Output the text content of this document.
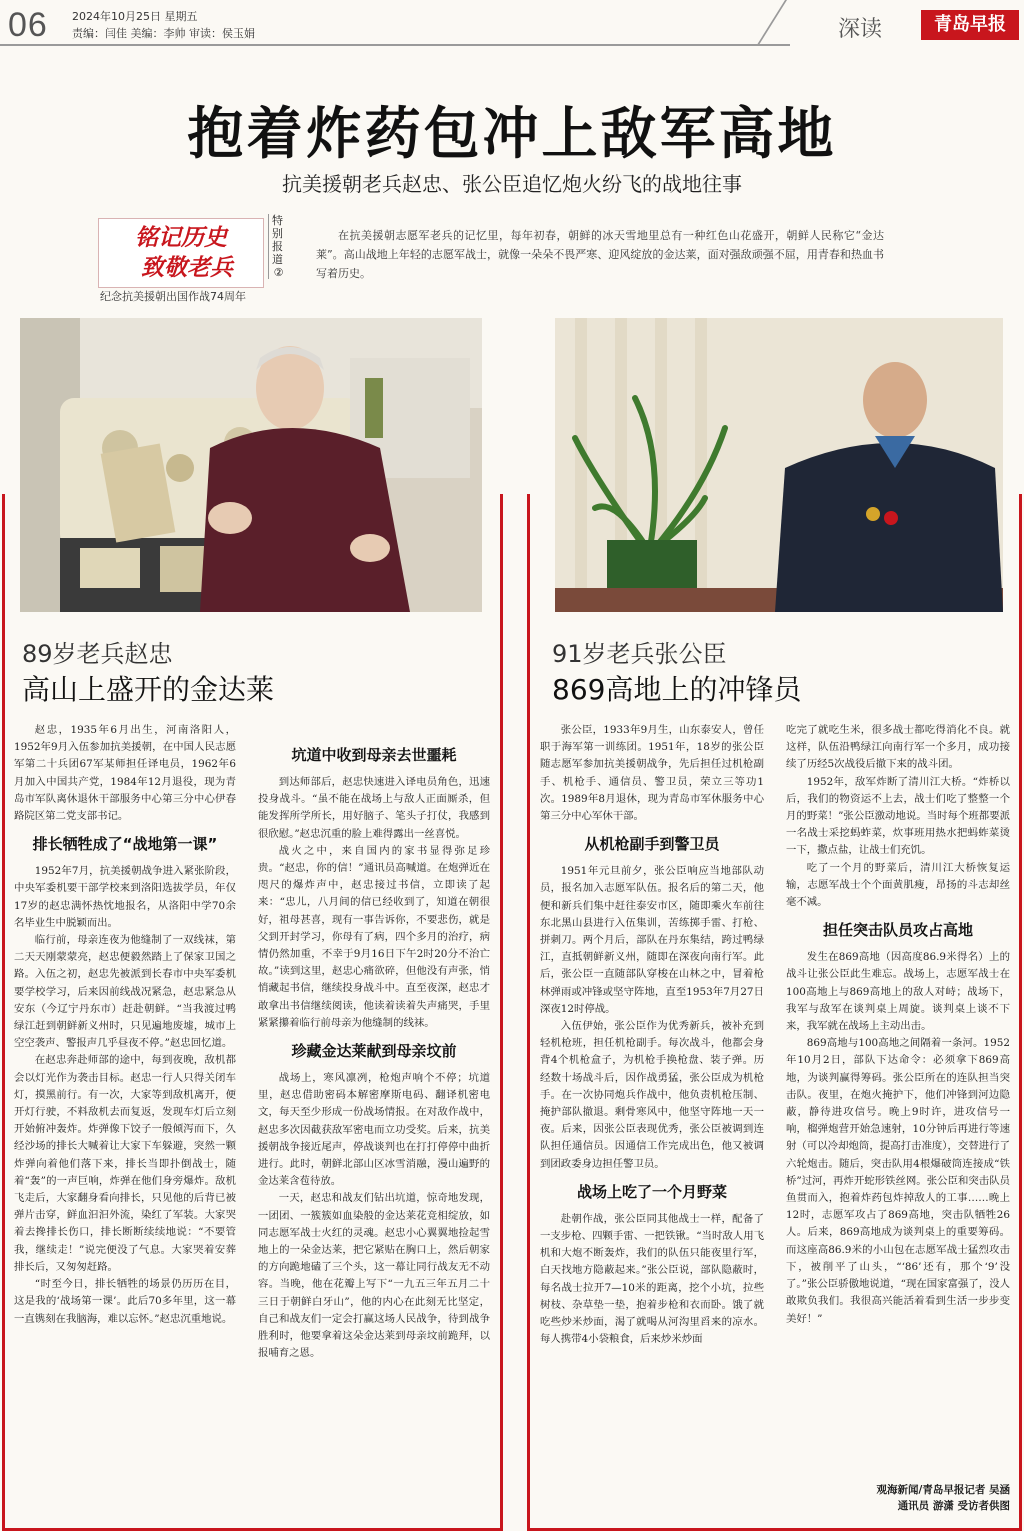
06 2024年10月25日 星期五
责编：闫佳 美编：李帅 审读：侯玉娟	深读	青岛早报
抱着炸药包冲上敌军高地
抗美援朝老兵赵忠、张公臣追忆炮火纷飞的战地往事
铭记历史
致敬老兵
特别报道
②
纪念抗美援朝出国作战74周年
在抗美援朝志愿军老兵的记忆里，每年初春，朝鲜的冰天雪地里总有一种红色山花盛开，朝鲜人民称它“金达莱”。高山战地上年轻的志愿军战士，就像一朵朵不畏严寒、迎风绽放的金达莱，面对强敌顽强不屈，用青春和热血书写着历史。
89岁老兵赵忠
高山上盛开的金达莱

赵忠，1935年6月出生，河南洛阳人，1952年9月入伍参加抗美援朝，在中国人民志愿军第二十兵团67军某师担任译电员，1962年6月加入中国共产党，1984年12月退役，现为青岛市军队离休退休干部服务中心第三分中心伊春路院区第二党支部书记。

排长牺牲成了“战地第一课”

1952年7月，抗美援朝战争进入紧张阶段，中央军委机要干部学校来到洛阳选拔学员，年仅17岁的赵忠满怀热忱地报名，从洛阳中学70余名毕业生中脱颖而出。

临行前，母亲连夜为他缝制了一双线袜，第二天天刚蒙蒙亮，赵忠便毅然踏上了保家卫国之路。入伍之初，赵忠先被派到长春市中央军委机要学校学习，后来因前线战况紧急，赵忠紧急从安东（今辽宁丹东市）赶赴朝鲜。“当我渡过鸭绿江赶到朝鲜新义州时，只见遍地废墟，城市上空空袭声、警报声几乎昼夜不停。”赵忠回忆道。

在赵忠奔赴师部的途中，每到夜晚，敌机都会以灯光作为袭击目标。赵忠一行人只得关闭车灯，摸黑前行。有一次，大家等到敌机离开，便开灯行驶，不料敌机去而复返，发现车灯后立刻开始俯冲轰炸。炸弹像下饺子一般倾泻而下，久经沙场的排长大喊着让大家下车躲避，突然一颗炸弹向着他们落下来，排长当即扑倒战士，随着“轰”的一声巨响，炸弹在他们身旁爆炸。敌机飞走后，大家翻身看向排长，只见他的后背已被弹片击穿，鲜血汩汩外流，染红了军装。大家哭着去搀排长伤口，排长断断续续地说：“不要管我，继续走！”说完便没了气息。大家哭着安葬排长后，又匆匆赶路。

“时至今日，排长牺牲的场景仍历历在目，这是我的‘战场第一课’。此后70多年里，这一幕一直镌刻在我脑海，难以忘怀。”赵忠沉重地说。

坑道中收到母亲去世噩耗

到达师部后，赵忠快速进入译电员角色，迅速投身战斗。“虽不能在战场上与敌人正面厮杀，但能发挥所学所长，用好脑子、笔头子打仗，我感到很欣慰。”赵忠沉重的脸上难得露出一丝喜悦。

战火之中，来自国内的家书显得弥足珍贵。“赵忠，你的信！”通讯员高喊道。在炮弹近在咫尺的爆炸声中，赵忠接过书信，立即读了起来：“忠儿，八月间的信已经收到了，知道在朝很好，祖母甚喜，现有一事告诉你，不要悲伤，就是父到开封学习，你母有了病，四个多月的治疗，病情仍然加重，不幸于9月16日下午2时20分不治亡故。”读到这里，赵忠心痛欲碎，但他没有声张，悄悄藏起书信，继续投身战斗中。直至夜深，赵忠才敢拿出书信继续阅读，他读着读着失声痛哭，手里紧紧攥着临行前母亲为他缝制的线袜。

珍藏金达莱献到母亲坟前

战场上，寒风凛冽，枪炮声响个不停；坑道里，赵忠借助密码本解密摩斯电码、翻译机密电文，每天至少形成一份战场情报。在对敌作战中，赵忠多次因截获敌军密电而立功受奖。后来，抗美援朝战争接近尾声，停战谈判也在打打停停中曲折进行。此时，朝鲜北部山区冰雪消融，漫山遍野的金达莱含苞待放。

一天，赵忠和战友们钻出坑道，惊奇地发现，一团团、一簇簇如血染般的金达莱花竞相绽放，如同志愿军战士火红的灵魂。赵忠小心翼翼地捡起雪地上的一朵金达莱，把它紧贴在胸口上，然后朝家的方向跪地磕了三个头，这一幕让同行战友无不动容。当晚，他在花瓣上写下“一九五三年五月二十三日于朝鲜白牙山”，他的内心在此刻无比坚定，自己和战友们一定会打赢这场人民战争，待到战争胜利时，他要拿着这朵金达莱到母亲坟前跪拜，以报哺育之恩。

91岁老兵张公臣
869高地上的冲锋员

张公臣，1933年9月生，山东泰安人，曾任职于海军第一训练团。1951年，18岁的张公臣随志愿军参加抗美援朝战争，先后担任过机枪副手、机枪手、通信员、警卫员，荣立三等功1次。1989年8月退休，现为青岛市军休服务中心第三分中心军休干部。

从机枪副手到警卫员

1951年元旦前夕，张公臣响应当地部队动员，报名加入志愿军队伍。报名后的第二天，他便和新兵们集中赶往泰安市区，随即乘火车前往东北黑山县进行入伍集训，苦练掷手雷、打枪、拼刺刀。两个月后，部队在丹东集结，跨过鸭绿江，直抵朝鲜新义州，随即在深夜向南行军。此后，张公臣一直随部队穿梭在山林之中，冒着枪林弹雨或冲锋或坚守阵地，直至1953年7月27日深夜12时停战。

入伍伊始，张公臣作为优秀新兵，被补充到轻机枪班，担任机枪副手。每次战斗，他都会身背4个机枪盒子，为机枪手换枪盘、装子弹。历经数十场战斗后，因作战勇猛，张公臣成为机枪手。在一次协同炮兵作战中，他负责机枪压制、掩护部队撤退。剩骨寒风中，他坚守阵地一天一夜。后来，因张公臣表现优秀，张公臣被调到连队担任通信员。因通信工作完成出色，他又被调到团政委身边担任警卫员。

战场上吃了一个月野菜

赴朝作战，张公臣同其他战士一样，配备了一支步枪、四颗手雷、一把铁锹。“当时敌人用飞机和大炮不断轰炸，我们的队伍只能夜里行军，白天找地方隐蔽起来。”张公臣说，部队隐蔽时，每名战士拉开7—10米的距离，挖个小坑，拉些树枝、杂草垫一垫，抱着步枪和衣而卧。饿了就吃些炒米炒面，渴了就喝从河沟里舀来的凉水。每人携带4小袋粮食，后来炒米炒面

吃完了就吃生米，很多战士都吃得消化不良。就这样，队伍沿鸭绿江向南行军一个多月，成功接续了历经5次战役后撤下来的战斗团。

1952年，敌军炸断了清川江大桥。“炸桥以后，我们的物资运不上去，战士们吃了整整一个月的野菜！”张公臣激动地说。当时每个班都要派一名战士采挖蚂蚱菜，炊事班用热水把蚂蚱菜烫一下，撒点盐，让战士们充饥。

吃了一个月的野菜后，清川江大桥恢复运输，志愿军战士个个面黄肌瘦，昂扬的斗志却丝毫不减。

担任突击队员攻占高地

发生在869高地（因高度86.9米得名）上的战斗让张公臣此生难忘。战场上，志愿军战士在100高地上与869高地上的敌人对峙；战场下，我军与敌军在谈判桌上周旋。谈判桌上谈不下来，我军就在战场上主动出击。

869高地与100高地之间隔着一条河。1952年10月2日，部队下达命令：必须拿下869高地，为谈判赢得筹码。张公臣所在的连队担当突击队。夜里，在炮火掩护下，他们冲锋到河边隐蔽，静待进攻信号。晚上9时许，进攻信号一响，榴弹炮营开始急速射，10分钟后再进行等速射（可以冷却炮筒，提高打击准度），交替进行了六轮炮击。随后，突击队用4根爆破筒连接成“铁桥”过河，再炸开蛇形铁丝网。张公臣和突击队员鱼贯而入，抱着炸药包炸掉敌人的工事……晚上12时，志愿军攻占了869高地，突击队牺牲26人。后来，869高地成为谈判桌上的重要筹码。而这座高86.9米的小山包在志愿军战士猛烈攻击下，被削平了山头，“‘86’还有，那个‘9’没了。”张公臣骄傲地说道，“现在国家富强了，没人敢欺负我们。我很高兴能活着看到生活一步步变美好！”

观海新闻/青岛早报记者 吴涵
通讯员 游潇 受访者供图
